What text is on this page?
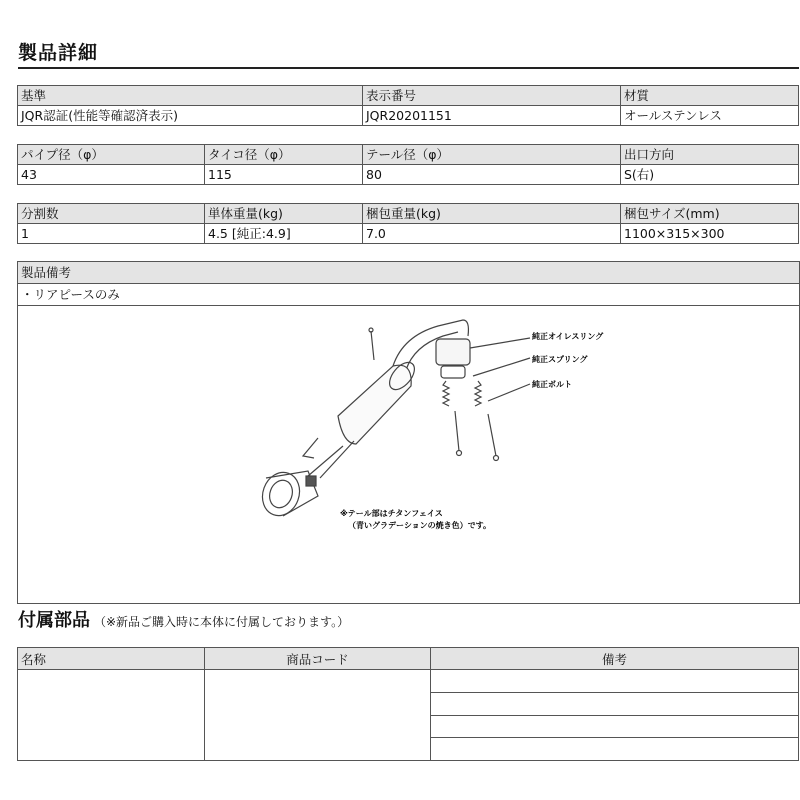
製品詳細
基準	表示番号	材質
JQR認証(性能等確認済表示)	JQR20201151	オールステンレス
パイプ径（φ）	タイコ径（φ）	テール径（φ）	出口方向
43	115	80	S(右)
分割数	単体重量(kg)	梱包重量(kg)	梱包サイズ(mm)
1	4.5 [純正:4.9]	7.0	1100×315×300
製品備考
・リアピースのみ
純正オイレスリング
純正スプリング
純正ボルト
※テール部はチタンフェイス
（青いグラデーションの焼き色）です。
付属部品 （※新品ご購入時に本体に付属しております。）
名称	商品コード	備考
